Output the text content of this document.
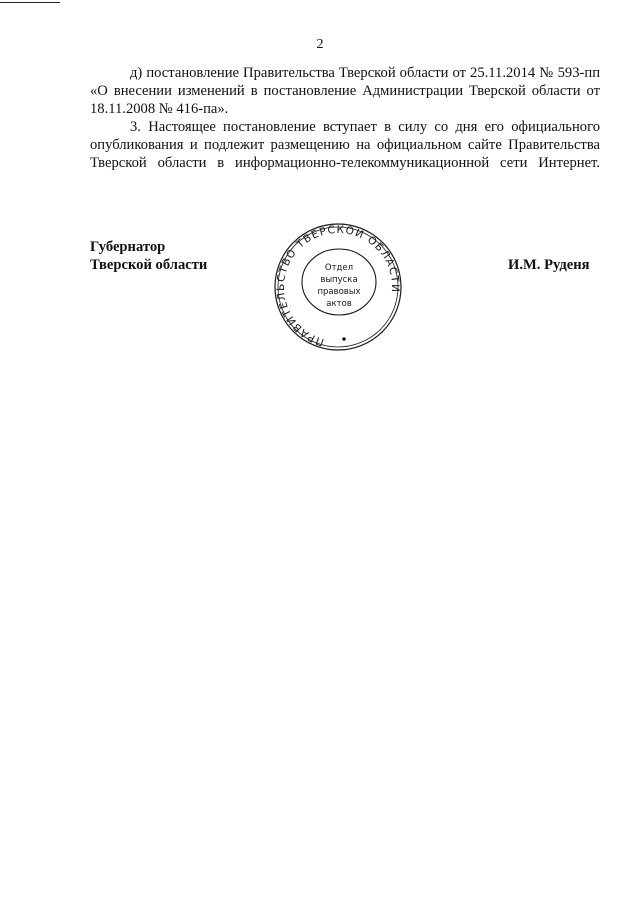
2

д) постановление Правительства Тверской области от 25.11.2014 № 593-пп «О внесении изменений в постановление Администрации Тверской области от 18.11.2008 № 416-па».

3. Настоящее постановление вступает в силу со дня его официального опубликования и подлежит размещению на официальном сайте Правительства Тверской области в информационно-телекоммуникационной сети Интернет.

Губернатор
Тверской области
ПРАВИТЕЛЬСТВО ТВЕРСКОЙ ОБЛАСТИ
Отдел
выпуска
правовых
актов
И.М. Руденя
